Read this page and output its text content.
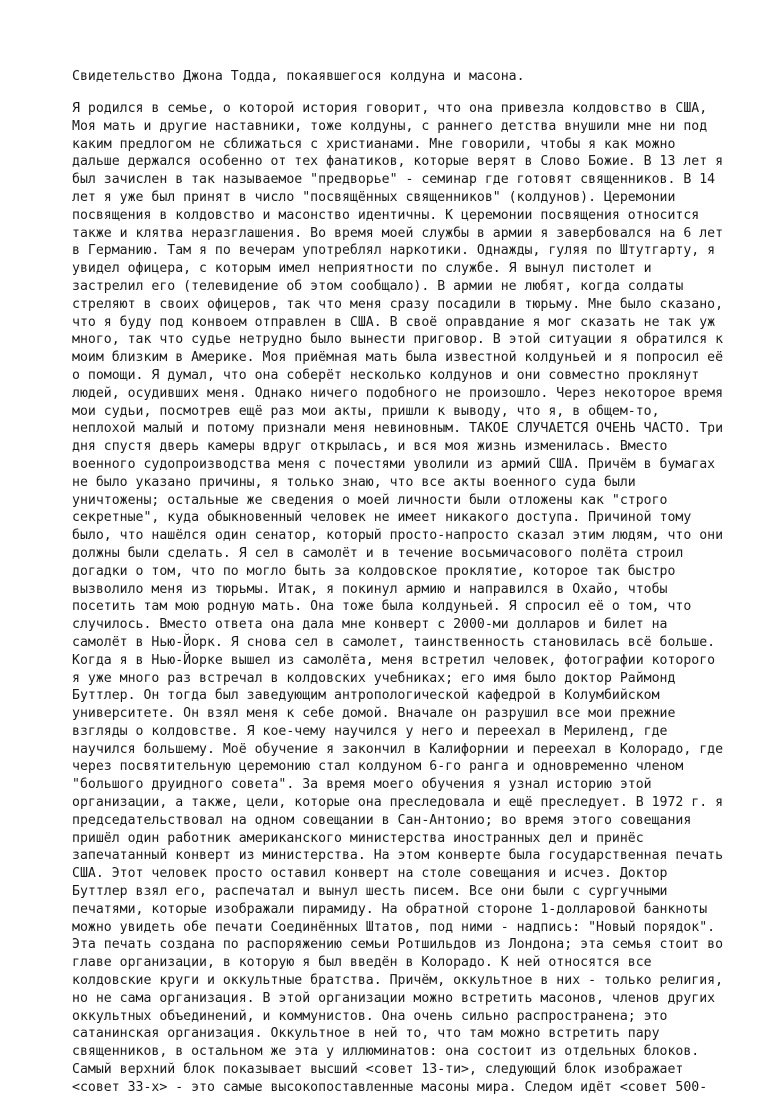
Свидетельство Джона Тодда, покаявшегося колдуна и масона.

Я родился в семье, о которой история говорит, что она привезла колдовство в США,
Моя мать и другие наставники, тоже колдуны, с раннего детства внушили мне ни под
каким предлогом не сближаться с христианами. Мне говорили, чтобы я как можно
дальше держался особенно от тех фанатиков, которые верят в Слово Божие. В 13 лет я
был зачислен в так называемое "предворье" - семинар где готовят священников. В 14
лет я уже был принят в число "посвящённых священников" (колдунов). Церемонии
посвящения в колдовство и масонство идентичны. К церемонии посвящения относится
также и клятва неразглашения. Во время моей службы в армии я завербовался на 6 лет
в Германию. Там я по вечерам употреблял наркотики. Однажды, гуляя по Штутгарту, я
увидел офицера, с которым имел неприятности по службе. Я вынул пистолет и
застрелил его (телевидение об этом сообщало). В армии не любят, когда солдаты
стреляют в своих офицеров, так что меня сразу посадили в тюрьму. Мне было сказано,
что я буду под конвоем отправлен в США. В своё оправдание я мог сказать не так уж
много, так что судье нетрудно было вынести приговор. В этой ситуации я обратился к
моим близким в Америке. Моя приёмная мать была известной колдуньей и я попросил её
о помощи. Я думал, что она соберёт несколько колдунов и они совместно проклянут
людей, осудивших меня. Однако ничего подобного не произошло. Через некоторое время
мои судьи, посмотрев ещё раз мои акты, пришли к выводу, что я, в общем-то,
неплохой малый и потому признали меня невиновным. ТАКОЕ СЛУЧАЕТСЯ ОЧЕНЬ ЧАСТО. Три
дня спустя дверь камеры вдруг открылась, и вся моя жизнь изменилась. Вместо
военного судопроизводства меня с почестями уволили из армий США. Причём в бумагах
не было указано причины, я только знаю, что все акты военного суда были
уничтожены; остальные же сведения о моей личности были отложены как "строго
секретные", куда обыкновенный человек не имеет никакого доступа. Причиной тому
было, что нашёлся один сенатор, который просто-напросто сказал этим людям, что они
должны были сделать. Я сел в самолёт и в течение восьмичасового полёта строил
догадки о том, что по могло быть за колдовское проклятие, которое так быстро
вызволило меня из тюрьмы. Итак, я покинул армию и направился в Охайо, чтобы
посетить там мою родную мать. Она тоже была колдуньей. Я спросил её о том, что
случилось. Вместо ответа она дала мне конверт с 2000-ми долларов и билет на
самолёт в Нью-Йорк. Я снова сел в самолет, таинственность становилась всё больше.
Когда я в Нью-Йорке вышел из самолёта, меня встретил человек, фотографии которого
я уже много раз встречал в колдовских учебниках; его имя было доктор Раймонд
Буттлер. Он тогда был заведующим антропологической кафедрой в Колумбийском
университете. Он взял меня к себе домой. Вначале он разрушил все мои прежние
взгляды о колдовстве. Я кое-чему научился у него и переехал в Мериленд, где
научился большему. Моё обучение я закончил в Калифорнии и переехал в Колорадо, где
через посвятительную церемонию стал колдуном 6-го ранга и одновременно членом
"большого друидного совета". За время моего обучения я узнал историю этой
организации, а также, цели, которые она преследовала и ещё преследует. В 1972 г. я
председательствовал на одном совещании в Сан-Антонио; во время этого совещания
пришёл один работник американского министерства иностранных дел и принёс
запечатанный конверт из министерства. На этом конверте была государственная печать
США. Этот человек просто оставил конверт на столе совещания и исчез. Доктор
Буттлер взял его, распечатал и вынул шесть писем. Все они были с сургучными
печатями, которые изображали пирамиду. На обратной стороне 1-долларовой банкноты
можно увидеть обе печати Соединённых Штатов, под ними - надпись: "Новый порядок".
Эта печать создана по распоряжению семьи Ротшильдов из Лондона; эта семья стоит во
главе организации, в которую я был введён в Колорадо. К ней относятся все
колдовские круги и оккультные братства. Причём, оккультное в них - только религия,
но не сама организация. В этой организации можно встретить масонов, членов других
оккультных объединений, и коммунистов. Она очень сильно распространена; это
сатанинская организация. Оккультное в ней то, что там можно встретить пару
священников, в остальном же эта у иллюминатов: она состоит из отдельных блоков.
Самый верхний блок показывает высший <совет 13-ти>, следующий блок изображает
<совет 33-х> - это самые высокопоставленные масоны мира. Следом идёт <совет 500-
